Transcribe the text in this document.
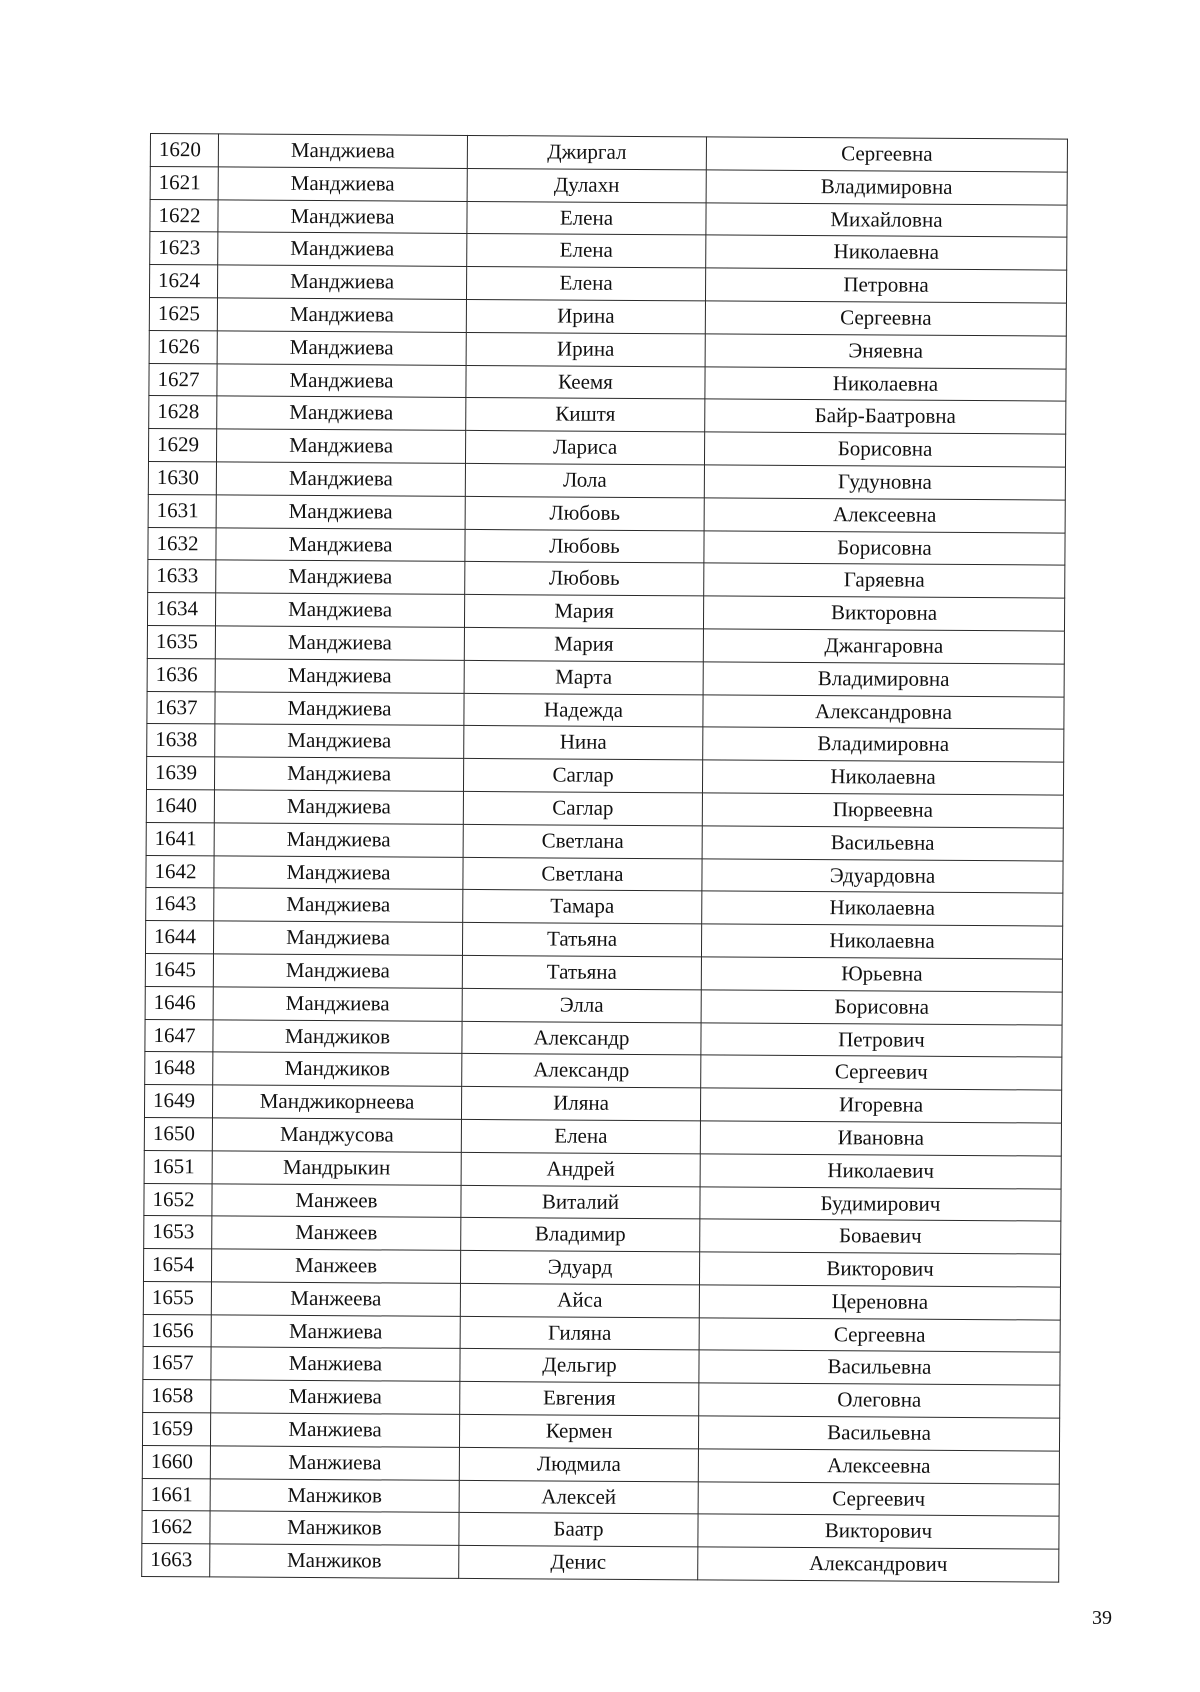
1620	Манджиева	Джиргал	Сергеевна
1621	Манджиева	Дулахн	Владимировна
1622	Манджиева	Елена	Михайловна
1623	Манджиева	Елена	Николаевна
1624	Манджиева	Елена	Петровна
1625	Манджиева	Ирина	Сергеевна
1626	Манджиева	Ирина	Эняевна
1627	Манджиева	Кеемя	Николаевна
1628	Манджиева	Киштя	Байр-Баатровна
1629	Манджиева	Лариса	Борисовна
1630	Манджиева	Лола	Гудуновна
1631	Манджиева	Любовь	Алексеевна
1632	Манджиева	Любовь	Борисовна
1633	Манджиева	Любовь	Гаряевна
1634	Манджиева	Мария	Викторовна
1635	Манджиева	Мария	Джангаровна
1636	Манджиева	Марта	Владимировна
1637	Манджиева	Надежда	Александровна
1638	Манджиева	Нина	Владимировна
1639	Манджиева	Саглар	Николаевна
1640	Манджиева	Саглар	Пюрвеевна
1641	Манджиева	Светлана	Васильевна
1642	Манджиева	Светлана	Эдуардовна
1643	Манджиева	Тамара	Николаевна
1644	Манджиева	Татьяна	Николаевна
1645	Манджиева	Татьяна	Юрьевна
1646	Манджиева	Элла	Борисовна
1647	Манджиков	Александр	Петрович
1648	Манджиков	Александр	Сергеевич
1649	Манджикорнеева	Иляна	Игоревна
1650	Манджусова	Елена	Ивановна
1651	Мандрыкин	Андрей	Николаевич
1652	Манжеев	Виталий	Будимирович
1653	Манжеев	Владимир	Боваевич
1654	Манжеев	Эдуард	Викторович
1655	Манжеева	Айса	Цереновна
1656	Манжиева	Гиляна	Сергеевна
1657	Манжиева	Дельгир	Васильевна
1658	Манжиева	Евгения	Олеговна
1659	Манжиева	Кермен	Васильевна
1660	Манжиева	Людмила	Алексеевна
1661	Манжиков	Алексей	Сергеевич
1662	Манжиков	Баатр	Викторович
1663	Манжиков	Денис	Александрович
39
